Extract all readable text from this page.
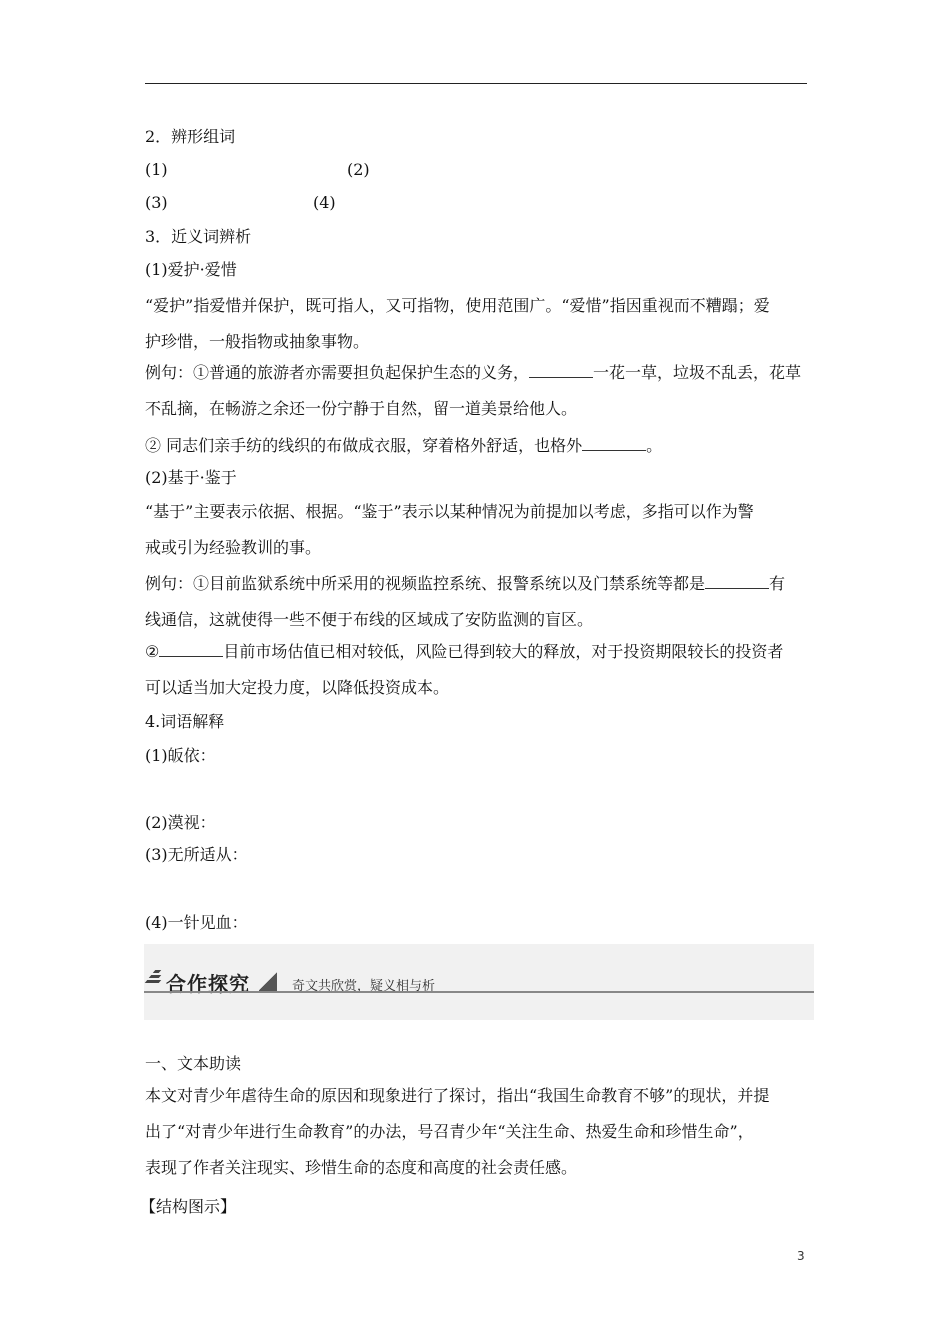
2．辨形组词
(1)	(2)
(3)	(4)
3．近义词辨析
(1)爱护·爱惜
“爱护”指爱惜并保护，既可指人，又可指物，使用范围广。“爱惜”指因重视而不糟蹋；爱
护珍惜，一般指物或抽象事物。
例句：①普通的旅游者亦需要担负起保护生态的义务，	一花一草，垃圾不乱丢，花草
不乱摘，在畅游之余还一份宁静于自然，留一道美景给他人。
② 同志们亲手纺的线织的布做成衣服，穿着格外舒适，也格外	。
(2)基于·鉴于
“基于”主要表示依据、根据。“鉴于”表示以某种情况为前提加以考虑，多指可以作为警
戒或引为经验教训的事。
例句：①目前监狱系统中所采用的视频监控系统、报警系统以及门禁系统等都是	有
线通信，这就使得一些不便于布线的区域成了安防监测的盲区。
②	目前市场估值已相对较低，风险已得到较大的释放，对于投资期限较长的投资者
可以适当加大定投力度，以降低投资成本。
4.词语解释
(1)皈依：
(2)漠视：
(3)无所适从：
(4)一针见血：
合作探究	奇文共欣赏，疑义相与析
一、文本助读
本文对青少年虐待生命的原因和现象进行了探讨，指出“我国生命教育不够”的现状，并提
出了“对青少年进行生命教育”的办法，号召青少年“关注生命、热爱生命和珍惜生命”，
表现了作者关注现实、珍惜生命的态度和高度的社会责任感。
【结构图示】
3
